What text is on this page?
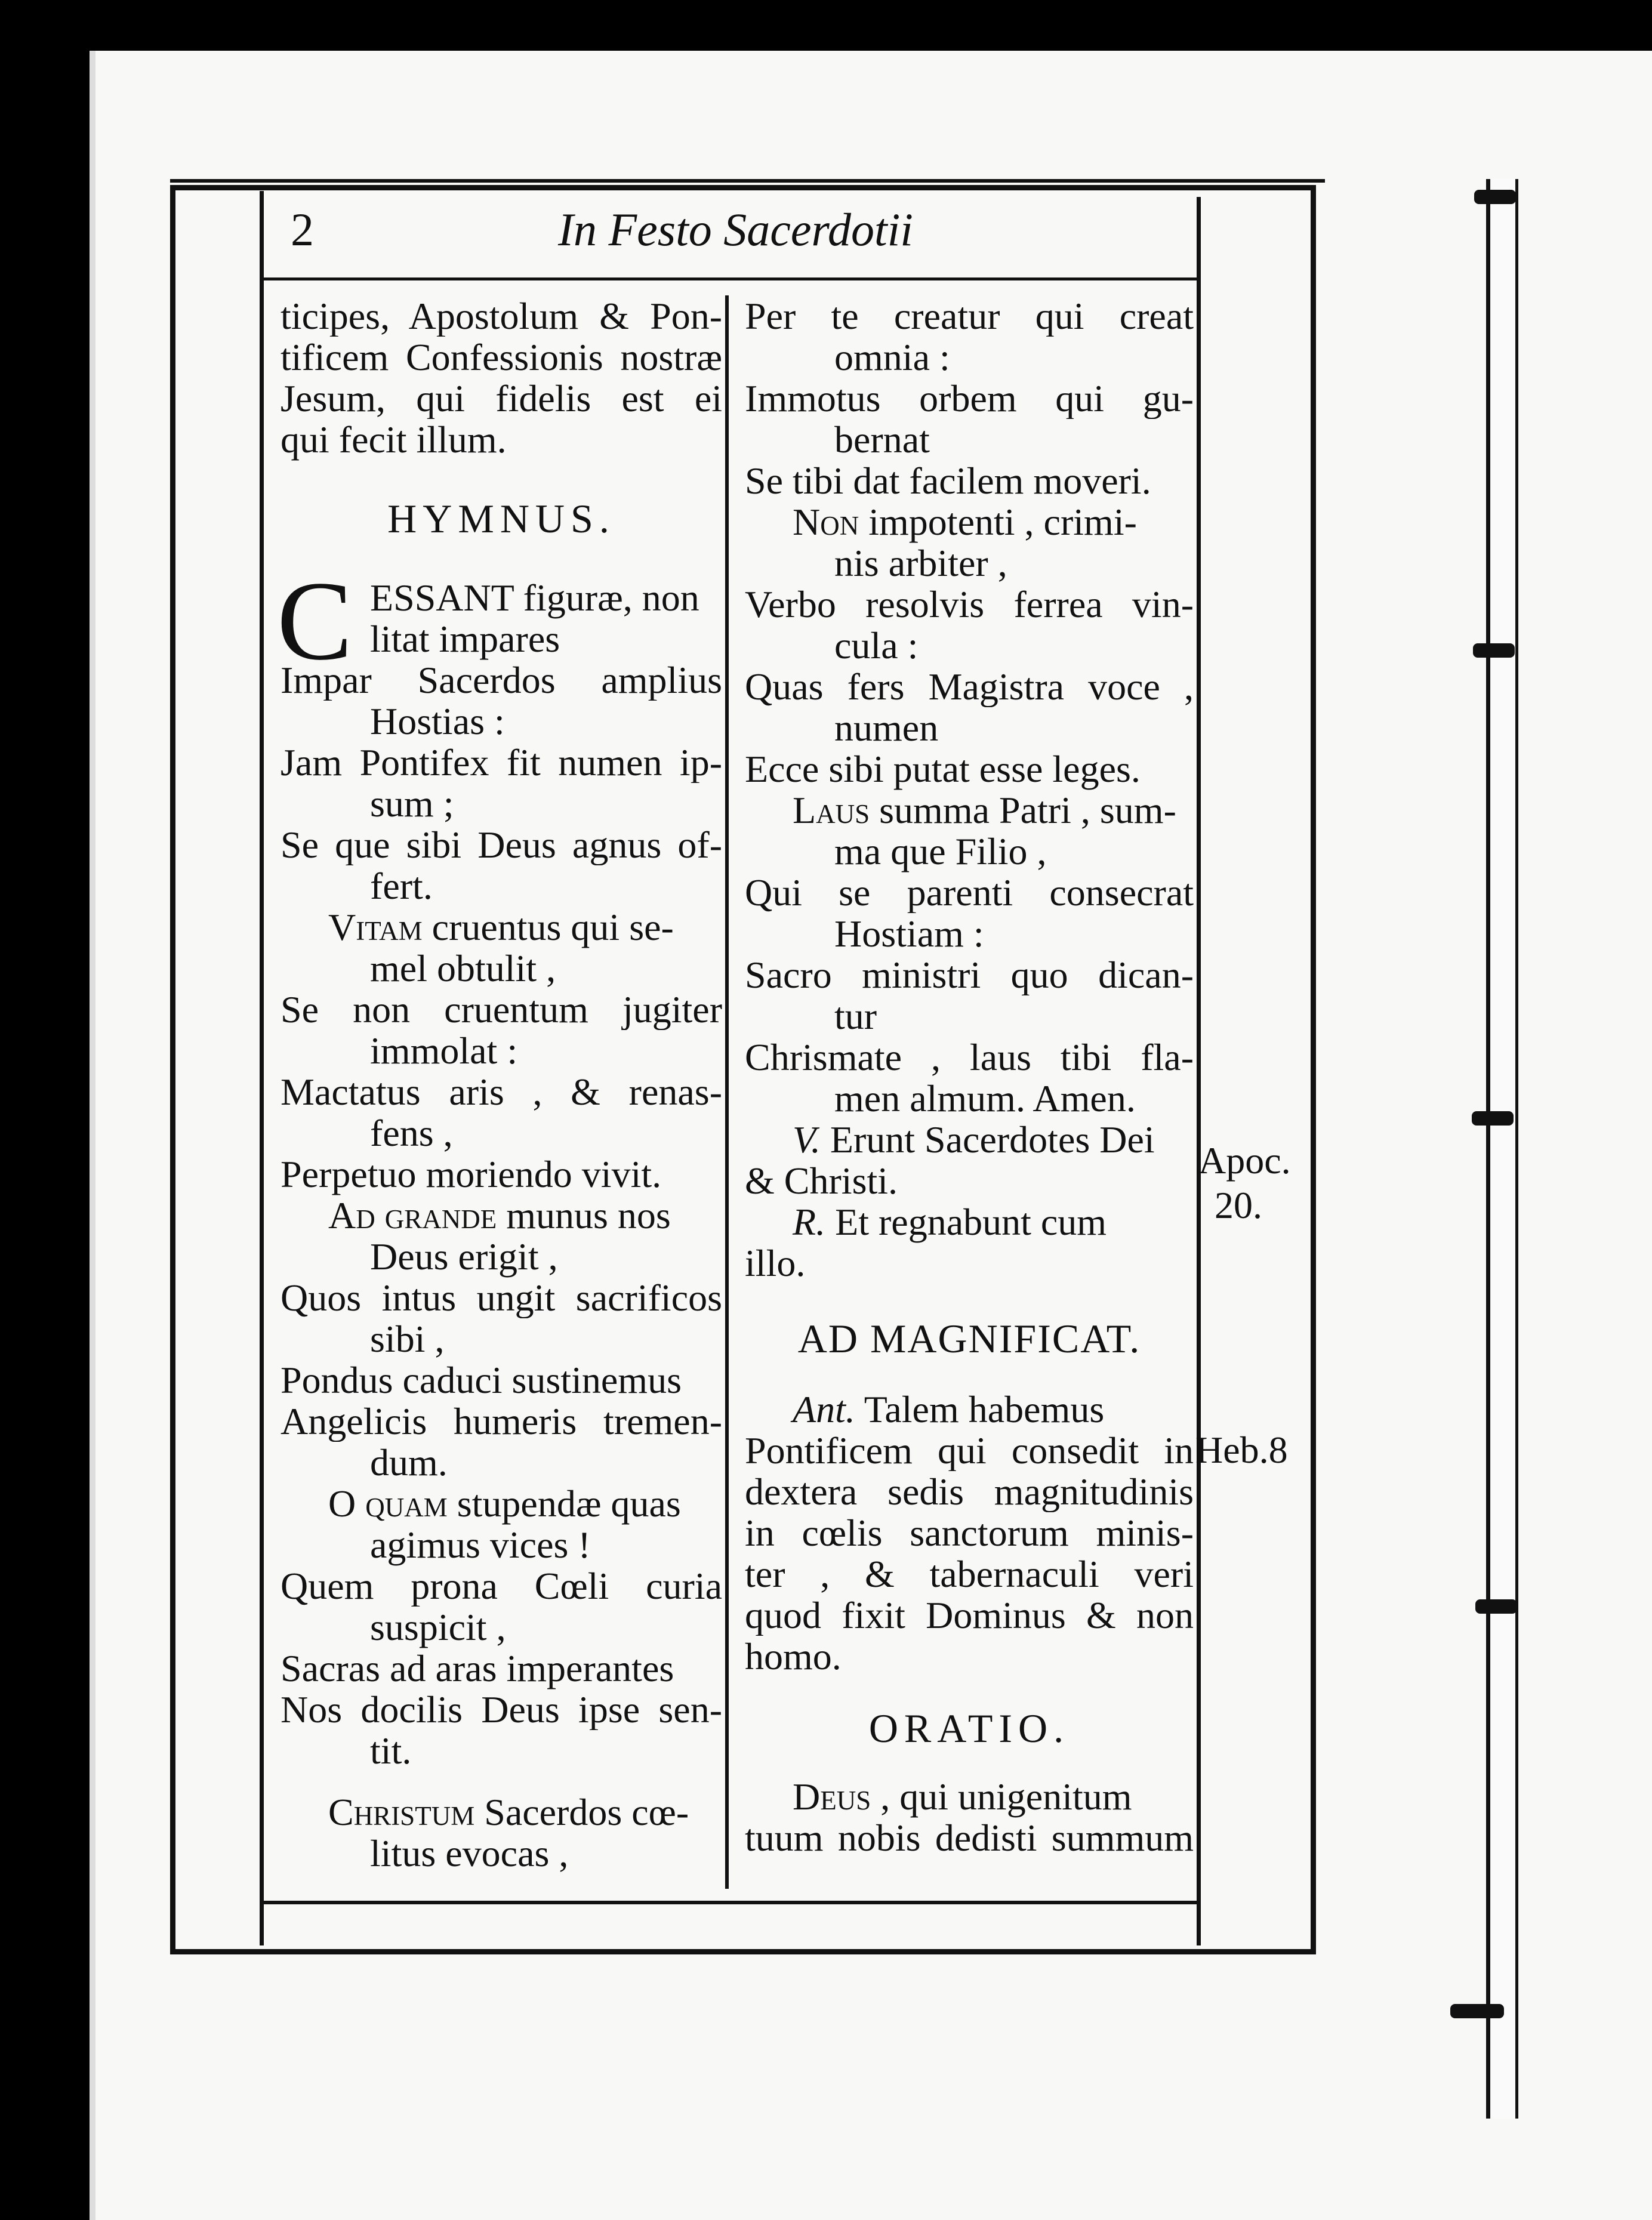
2	In Festo Sacerdotii
ticipes, Apostolum & Pon-
tificem Confessionis nostræ
Jesum, qui fidelis est ei
qui fecit illum.
HYMNUS.
C ESSANT figuræ, non
litat impares
Impar Sacerdos amplius
Hostias :
Jam Pontifex fit numen ip-
sum ;
Se que sibi Deus agnus of-
fert.
Vitam cruentus qui se-
mel obtulit ,
Se non cruentum jugiter
immolat :
Mactatus aris , & renas-
fens ,
Perpetuo moriendo vivit.
Ad grande munus nos
Deus erigit ,
Quos intus ungit sacrificos
sibi ,
Pondus caduci sustinemus
Angelicis humeris tremen-
dum.
O quam stupendæ quas
agimus vices !
Quem prona Cœli curia
suspicit ,
Sacras ad aras imperantes
Nos docilis Deus ipse sen-
tit.
Christum Sacerdos cœ-
litus evocas ,
Per te creatur qui creat
omnia :
Immotus orbem qui gu-
bernat
Se tibi dat facilem moveri.
Non impotenti , crimi-
nis arbiter ,
Verbo resolvis ferrea vin-
cula :
Quas fers Magistra voce ,
numen
Ecce sibi putat esse leges.
Laus summa Patri , sum-
ma que Filio ,
Qui se parenti consecrat
Hostiam :
Sacro ministri quo dican-
tur
Chrismate , laus tibi fla-
men almum. Amen.
V. Erunt Sacerdotes Dei
& Christi.
R. Et regnabunt cum
illo.
AD MAGNIFICAT.
Ant. Talem habemus
Pontificem qui consedit in
dextera sedis magnitudinis
in cœlis sanctorum minis-
ter , & tabernaculi veri
quod fixit Dominus & non
homo.
ORATIO.
Deus , qui unigenitum
tuum nobis dedisti summum
Apoc.
20.
Heb.8
